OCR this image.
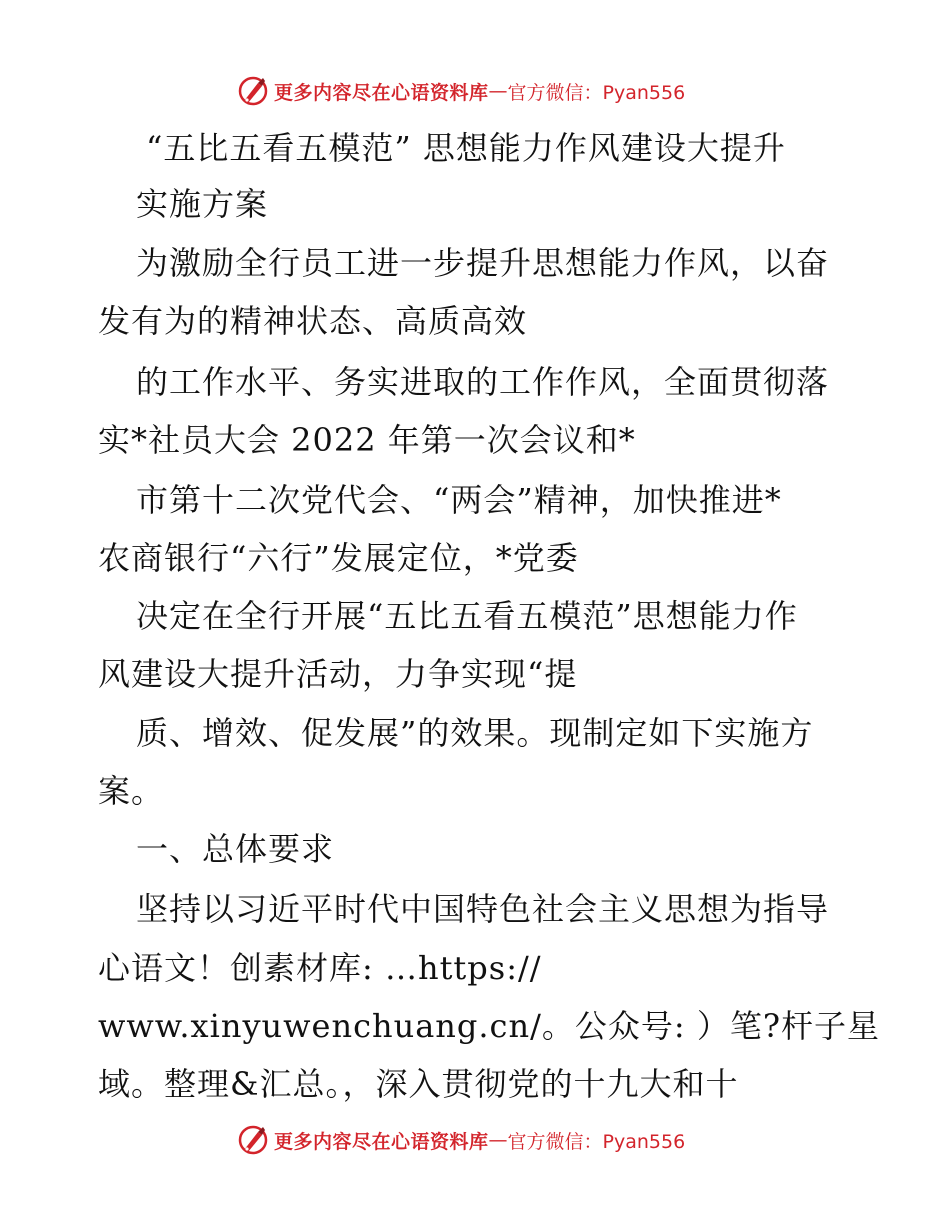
更多内容尽在心语资料库 — 官方微信：Pyan556
“五比五看五模范” 思想能力作风建设大提升
实施方案
为激励全行员工进一步提升思想能力作风，以奋
发有为的精神状态、高质高效
的工作水平、务实进取的工作作风，全面贯彻落
实*社员大会 2022 年第一次会议和*
市第十二次党代会、“两会”精神，加快推进*
农商银行“六行”发展定位，*党委
决定在全行开展“五比五看五模范”思想能力作
风建设大提升活动，力争实现“提
质、增效、促发展”的效果。现制定如下实施方
案。
一、总体要求
坚持以习近平时代中国特色社会主义思想为指导
心语文！创素材库: …https://
www.xinyuwenchuang.cn/。公众号: ）笔?杆子星
域。整理&汇总。，深入贯彻党的十九大和十
更多内容尽在心语资料库 — 官方微信：Pyan556
